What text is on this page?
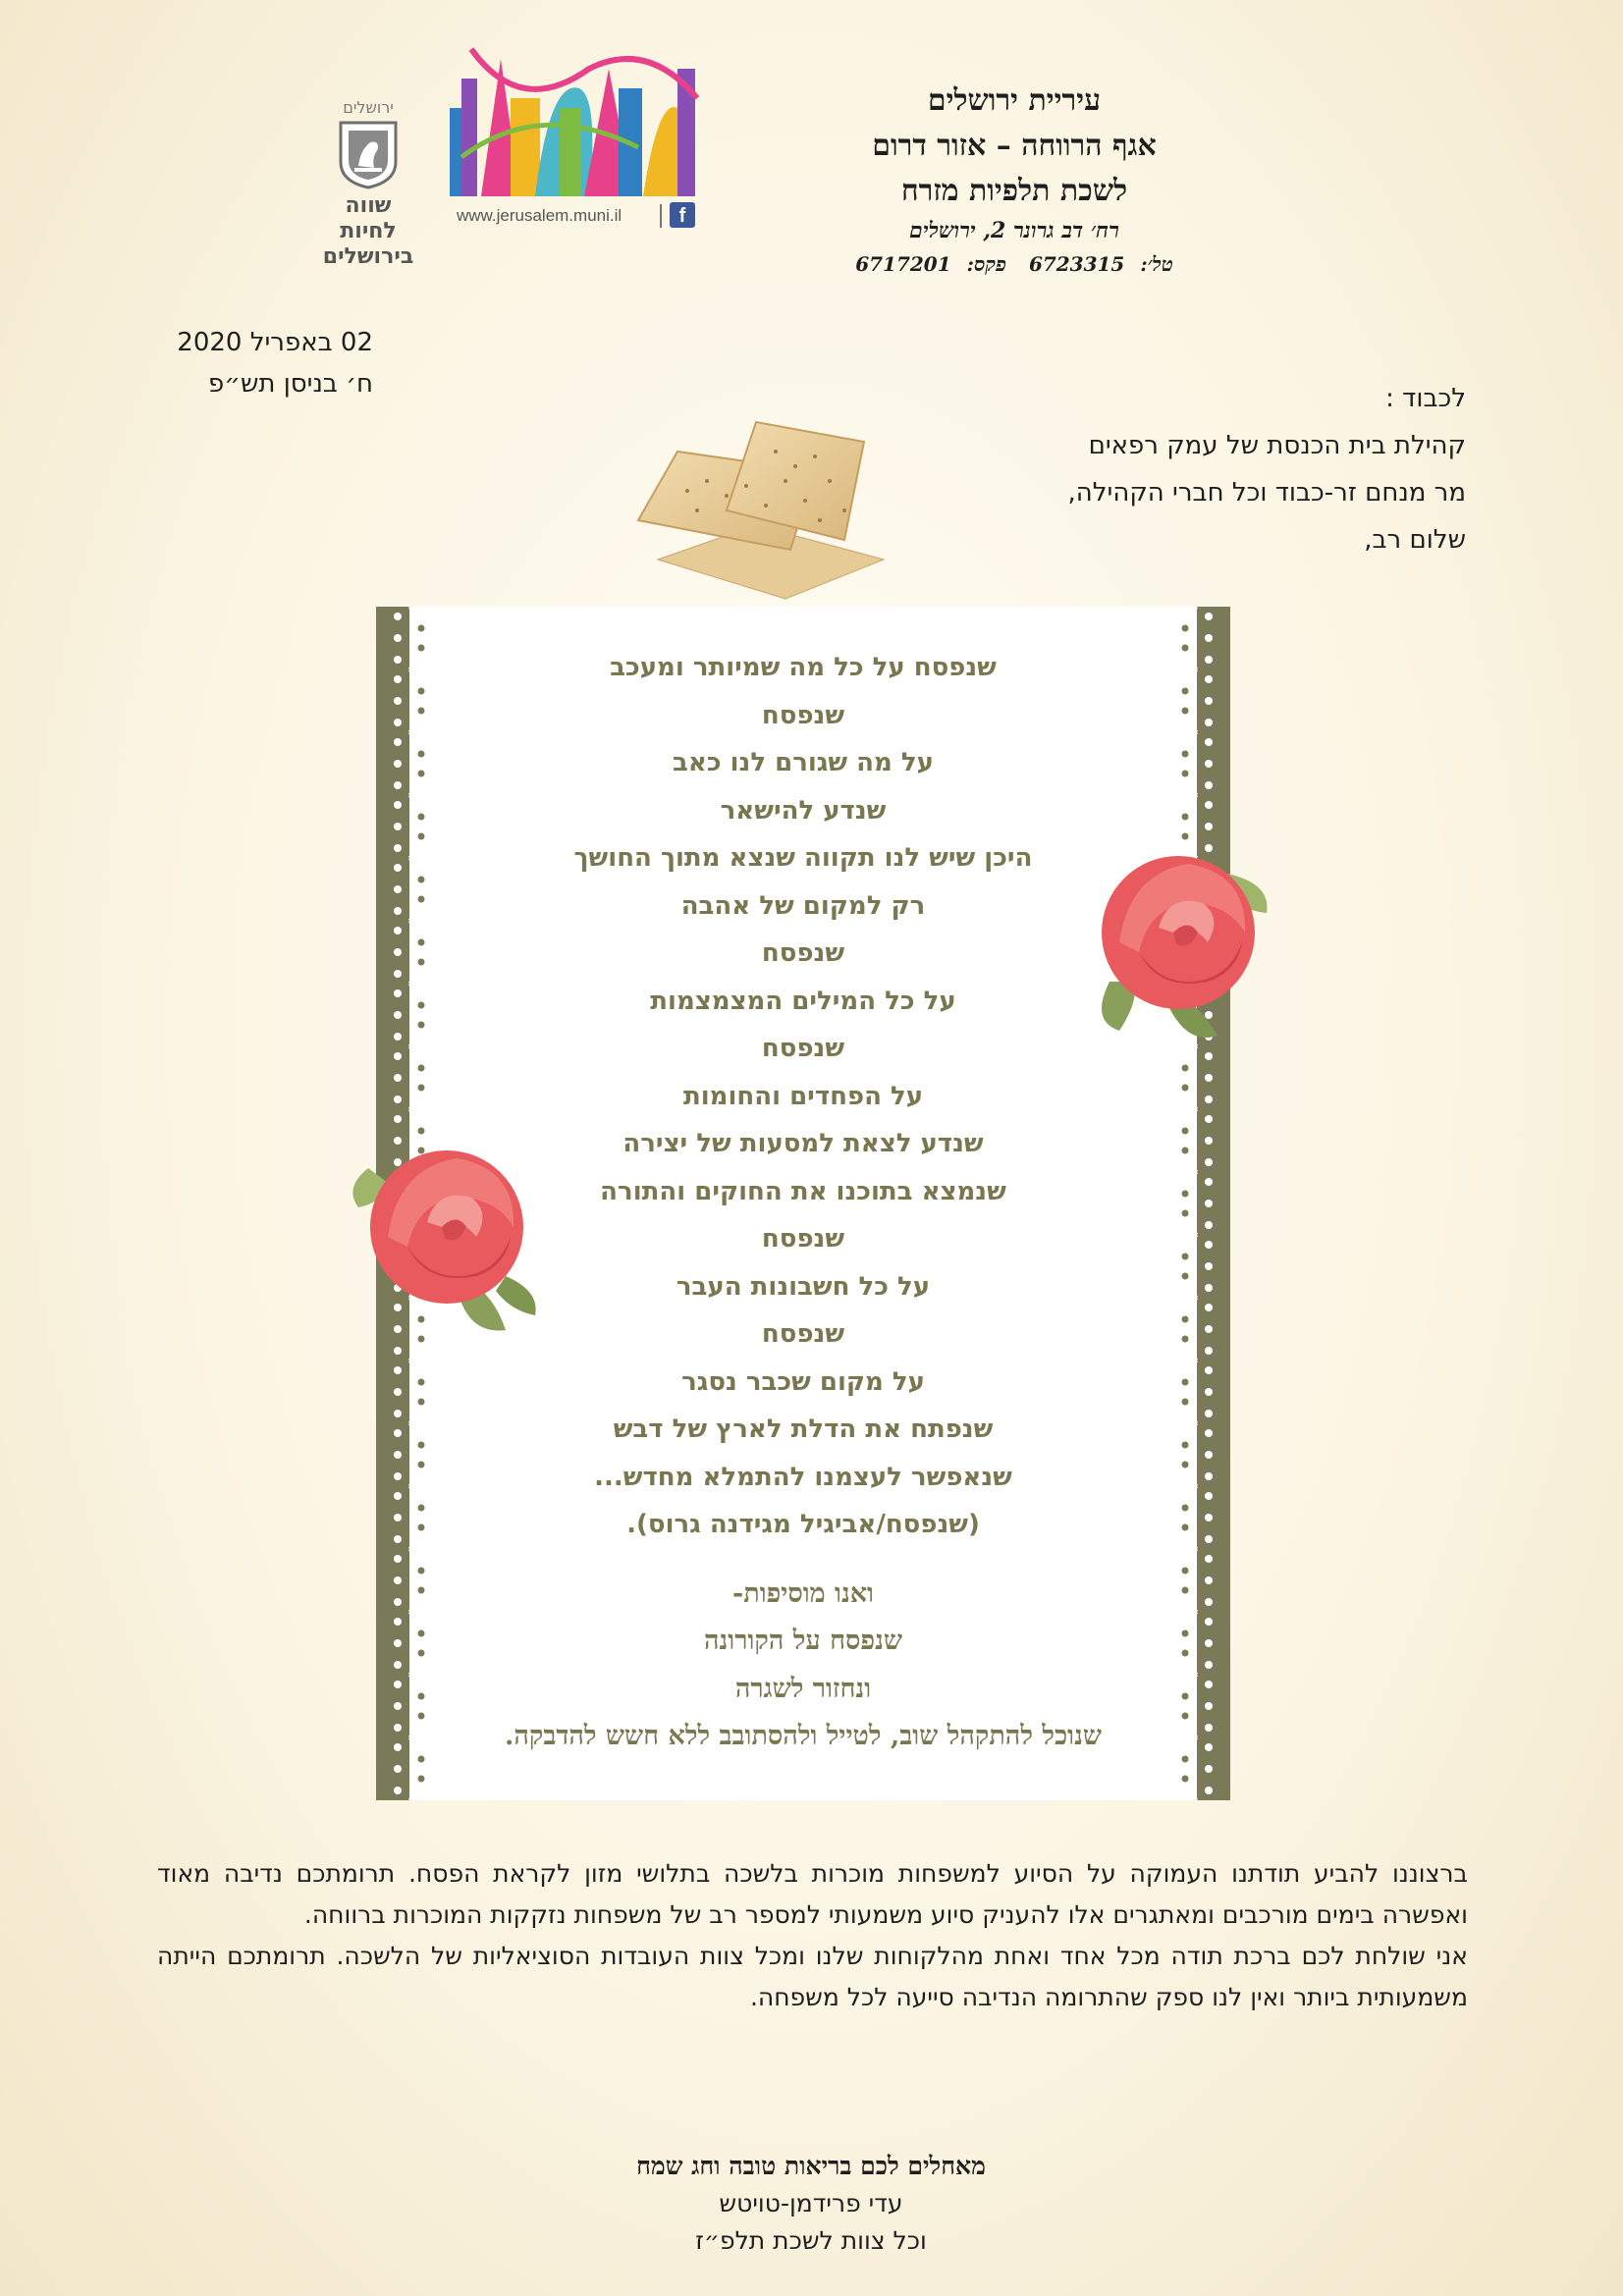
עיריית ירושלים
אגף הרווחה – אזור דרום
לשכת תלפיות מזרח
רח׳ דב גרונר 2, ירושלים
טל׳:6723315 פקס:6717201
ירושלים
שווה לחיות
בירושלים
www.jerusalem.muni.il	f
02 באפריל 2020
ח׳ בניסן תש״פ	לכבוד :
קהילת בית הכנסת של עמק רפאים
מר מנחם זר-כבוד וכל חברי הקהילה,
שלום רב,
שנפסח על כל מה שמיותר ומעכב
שנפסח
על מה שגורם לנו כאב
שנדע להישאר
היכן שיש לנו תקווה שנצא מתוך החושך
רק למקום של אהבה
שנפסח
על כל המילים המצמצמות
שנפסח
על הפחדים והחומות
שנדע לצאת למסעות של יצירה
שנמצא בתוכנו את החוקים והתורה
שנפסח
על כל חשבונות העבר
שנפסח
על מקום שכבר נסגר
שנפתח את הדלת לארץ של דבש
שנאפשר לעצמנו להתמלא מחדש...
(שנפסח/אביגיל מגידנה גרוס).
ואנו מוסיפות-
שנפסח על הקורונה
ונחזור לשגרה
שנוכל להתקהל שוב, לטייל ולהסתובב ללא חשש להדבקה.

ברצוננו להביע תודתנו העמוקה על הסיוע למשפחות מוכרות בלשכה בתלושי מזון לקראת הפסח. תרומתכם נדיבה מאוד ואפשרה בימים מורכבים ומאתגרים אלו להעניק סיוע משמעותי למספר רב של משפחות נזקקות המוכרות ברווחה.

אני שולחת לכם ברכת תודה מכל אחד ואחת מהלקוחות שלנו ומכל צוות העובדות הסוציאליות של הלשכה. תרומתכם הייתה משמעותית ביותר ואין לנו ספק שהתרומה הנדיבה סייעה לכל משפחה.

מאחלים לכם בריאות טובה וחג שמח
עדי פרידמן-טויטש
וכל צוות לשכת תלפ״ז
